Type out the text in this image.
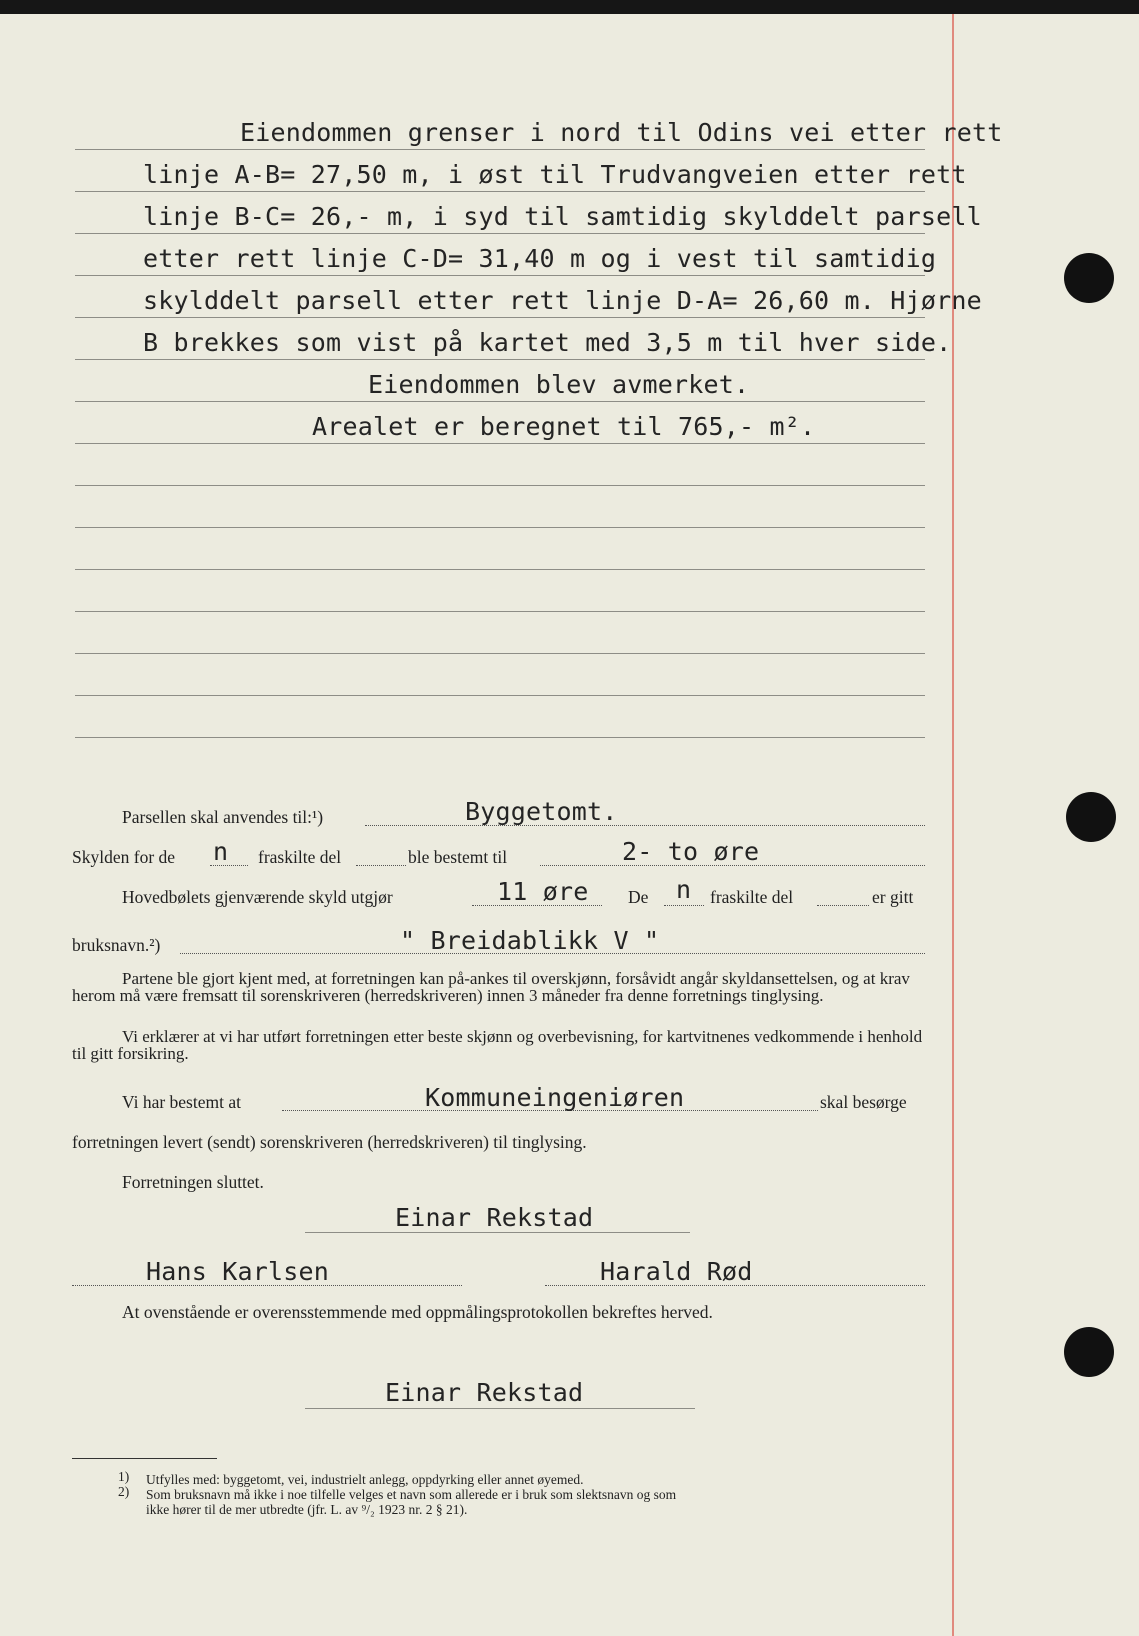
Eiendommen grenser i nord til Odins vei etter rett
linje A-B= 27,50 m, i øst til Trudvangveien etter rett
linje B-C= 26,- m, i syd til samtidig skylddelt parsell
etter rett linje C-D= 31,40 m og i vest til samtidig
skylddelt parsell etter rett linje D-A= 26,60 m. Hjørne
B brekkes som vist på kartet med 3,5 m til hver side.
Eiendommen blev avmerket.
Arealet er beregnet til 765,- m².
Parsellen skal anvendes til:¹)	Byggetomt.
Skylden for de n fraskilte del	ble bestemt til	2- to øre
Hovedbølets gjenværende skyld utgjør	11 øre De n fraskilte del	er gitt
bruksnavn.²)	" Breidablikk V "
Partene ble gjort kjent med, at forretningen kan på-ankes til overskjønn, forsåvidt angår skyldansettelsen, og at krav herom må være fremsatt til sorenskriveren (herredskriveren) innen 3 måneder fra denne forretnings tinglysing.
Vi erklærer at vi har utført forretningen etter beste skjønn og overbevisning, for kartvitnenes vedkommende i henhold til gitt forsikring.
Vi har bestemt at	Kommuneingeniøren	skal besørge
forretningen levert (sendt) sorenskriveren (herredskriveren) til tinglysing.
Forretningen sluttet.
Einar Rekstad
Hans Karlsen	Harald Rød
At ovenstående er overensstemmende med oppmålingsprotokollen bekreftes herved.
Einar Rekstad
1) Utfylles med: byggetomt, vei, industrielt anlegg, oppdyrking eller annet øyemed.
2) Som bruksnavn må ikke i noe tilfelle velges et navn som allerede er i bruk som slektsnavn og som
ikke hører til de mer utbredte (jfr. L. av ⁹/₂ 1923 nr. 2 § 21).
